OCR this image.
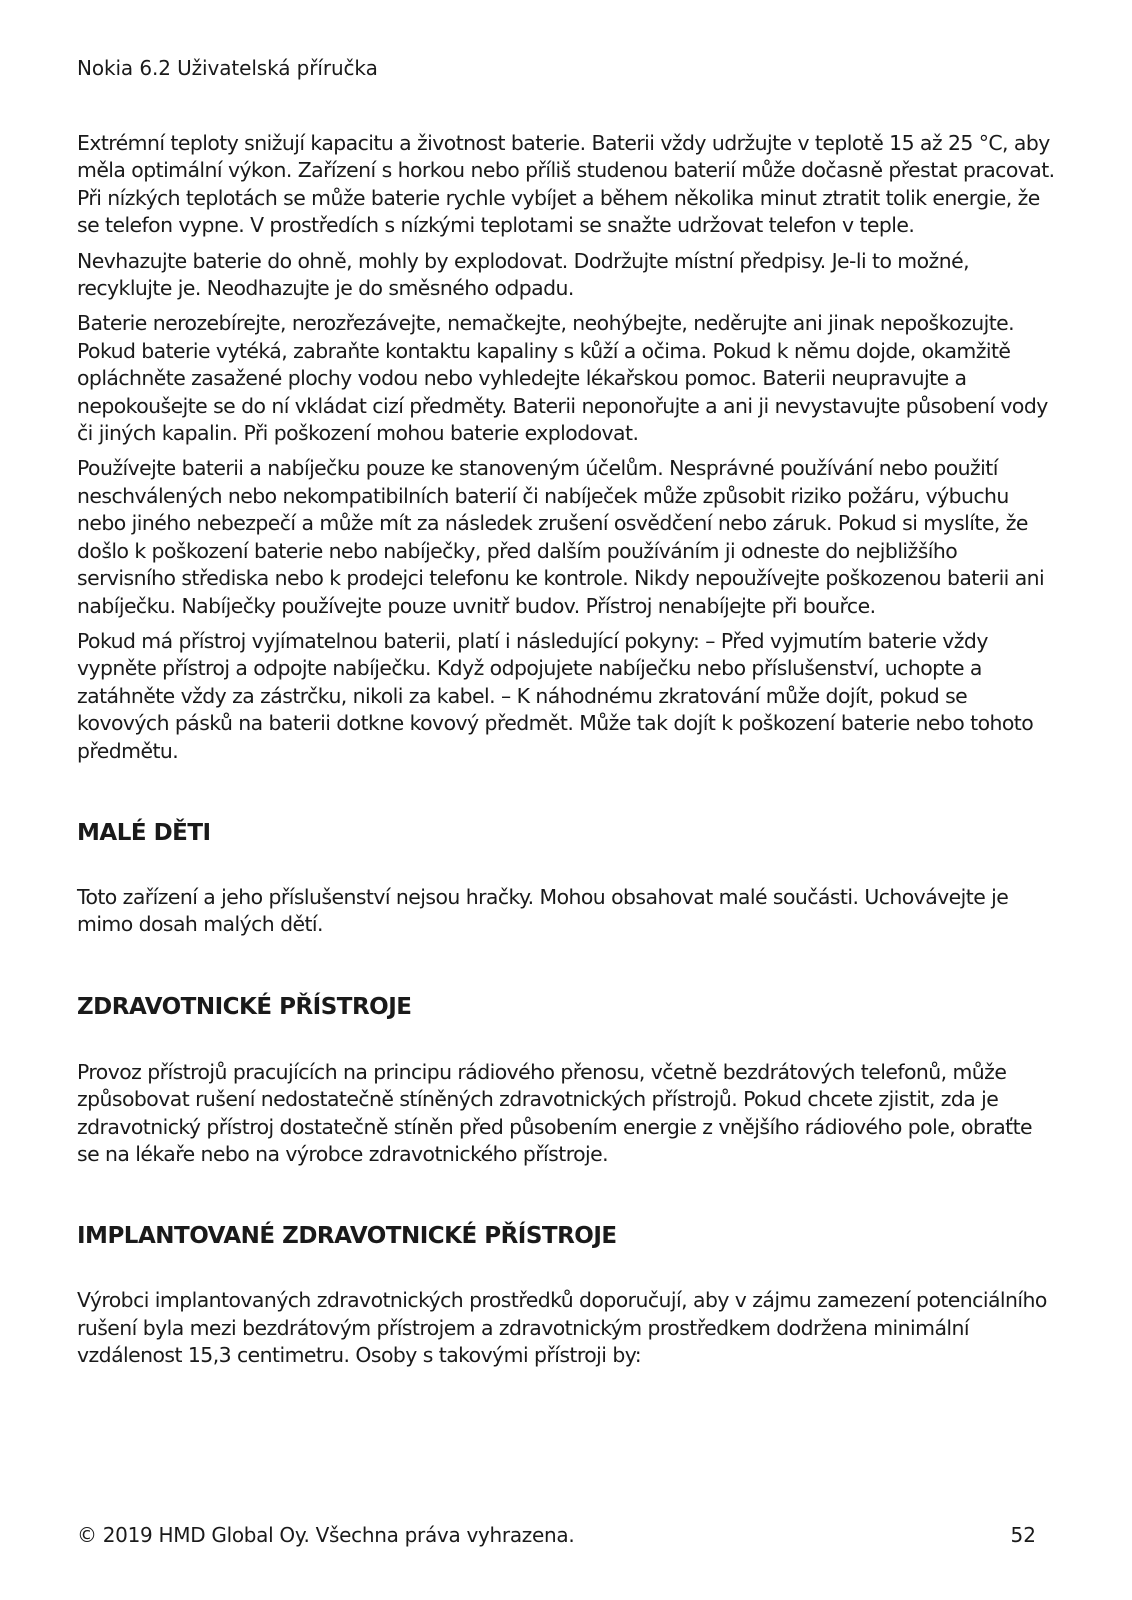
Nokia 6.2 Uživatelská příručka

Extrémní teploty snižují kapacitu a životnost baterie. Baterii vždy udržujte v teplotě 15 až 25 °C, aby měla optimální výkon. Zařízení s horkou nebo příliš studenou baterií může dočasně přestat pracovat. Při nízkých teplotách se může baterie rychle vybíjet a během několika minut ztratit tolik energie, že se telefon vypne. V prostředích s nízkými teplotami se snažte udržovat telefon v teple.

Nevhazujte baterie do ohně, mohly by explodovat. Dodržujte místní předpisy. Je-li to možné, recyklujte je. Neodhazujte je do směsného odpadu.

Baterie nerozebírejte, nerozřezávejte, nemačkejte, neohýbejte, neděrujte ani jinak nepoškozujte. Pokud baterie vytéká, zabraňte kontaktu kapaliny s kůží a očima. Pokud k němu dojde, okamžitě opláchněte zasažené plochy vodou nebo vyhledejte lékařskou pomoc. Baterii neupravujte a nepokoušejte se do ní vkládat cizí předměty. Baterii neponořujte a ani ji nevystavujte působení vody či jiných kapalin. Při poškození mohou baterie explodovat.

Používejte baterii a nabíječku pouze ke stanoveným účelům. Nesprávné používání nebo použití neschválených nebo nekompatibilních baterií či nabíječek může způsobit riziko požáru, výbuchu nebo jiného nebezpečí a může mít za následek zrušení osvědčení nebo záruk. Pokud si myslíte, že došlo k poškození baterie nebo nabíječky, před dalším používáním ji odneste do nejbližšího servisního střediska nebo k prodejci telefonu ke kontrole. Nikdy nepoužívejte poškozenou baterii ani nabíječku. Nabíječky používejte pouze uvnitř budov. Přístroj nenabíjejte při bouřce.

Pokud má přístroj vyjímatelnou baterii, platí i následující pokyny: – Před vyjmutím baterie vždy vypněte přístroj a odpojte nabíječku. Když odpojujete nabíječku nebo příslušenství, uchopte a zatáhněte vždy za zástrčku, nikoli za kabel. – K náhodnému zkratování může dojít, pokud se kovových pásků na baterii dotkne kovový předmět. Může tak dojít k poškození baterie nebo tohoto předmětu.

MALÉ DĚTI

Toto zařízení a jeho příslušenství nejsou hračky. Mohou obsahovat malé součásti. Uchovávejte je mimo dosah malých dětí.

ZDRAVOTNICKÉ PŘÍSTROJE

Provoz přístrojů pracujících na principu rádiového přenosu, včetně bezdrátových telefonů, může způsobovat rušení nedostatečně stíněných zdravotnických přístrojů. Pokud chcete zjistit, zda je zdravotnický přístroj dostatečně stíněn před působením energie z vnějšího rádiového pole, obraťte se na lékaře nebo na výrobce zdravotnického přístroje.

IMPLANTOVANÉ ZDRAVOTNICKÉ PŘÍSTROJE

Výrobci implantovaných zdravotnických prostředků doporučují, aby v zájmu zamezení potenciálního rušení byla mezi bezdrátovým přístrojem a zdravotnickým prostředkem dodržena minimální vzdálenost 15,3 centimetru. Osoby s takovými přístroji by:

© 2019 HMD Global Oy. Všechna práva vyhrazena.	52
